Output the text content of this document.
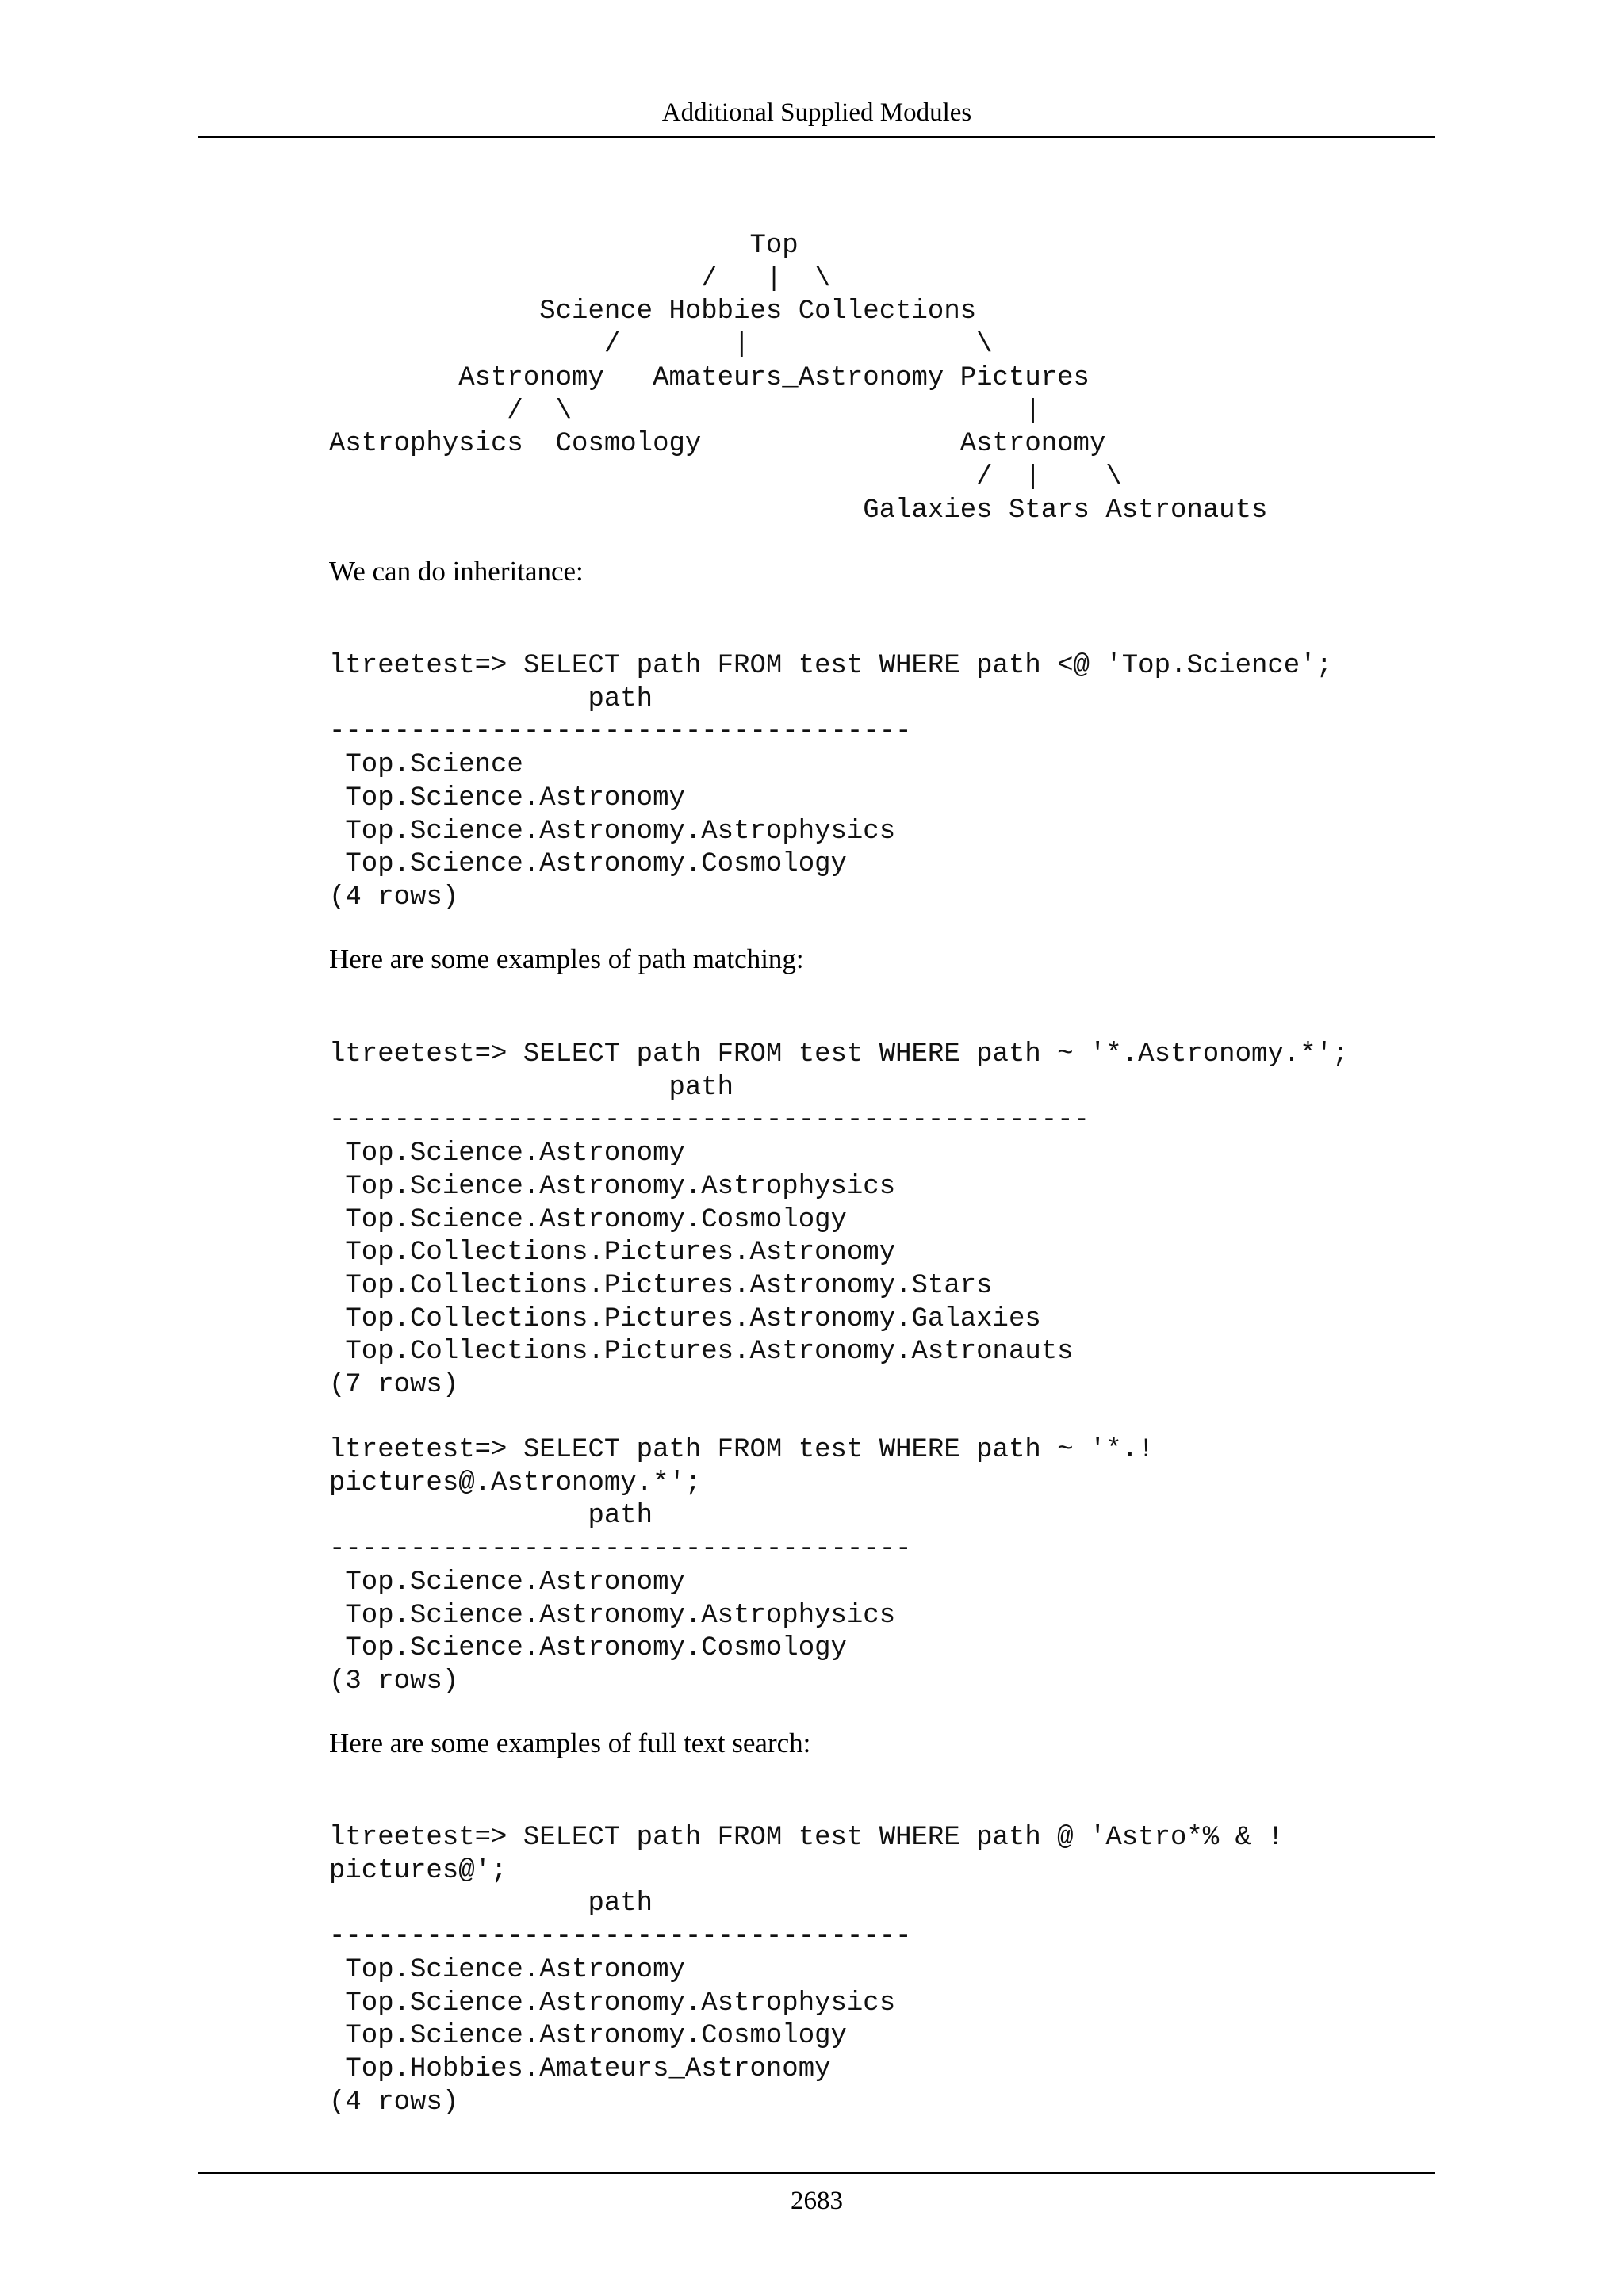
Additional Supplied Modules
Top
/   |  \
Science Hobbies Collections
/       |              \
Astronomy   Amateurs_Astronomy Pictures
/  \                            |
Astrophysics  Cosmology                Astronomy
/  |    \
Galaxies Stars Astronauts

We can do inheritance:

ltreetest=> SELECT path FROM test WHERE path <@ 'Top.Science';
path
------------------------------------
Top.Science
Top.Science.Astronomy
Top.Science.Astronomy.Astrophysics
Top.Science.Astronomy.Cosmology
(4 rows)

Here are some examples of path matching:

ltreetest=> SELECT path FROM test WHERE path ~ '*.Astronomy.*';
path
-----------------------------------------------
Top.Science.Astronomy
Top.Science.Astronomy.Astrophysics
Top.Science.Astronomy.Cosmology
Top.Collections.Pictures.Astronomy
Top.Collections.Pictures.Astronomy.Stars
Top.Collections.Pictures.Astronomy.Galaxies
Top.Collections.Pictures.Astronomy.Astronauts
(7 rows)
ltreetest=> SELECT path FROM test WHERE path ~ '*.!
pictures@.Astronomy.*';
path
------------------------------------
Top.Science.Astronomy
Top.Science.Astronomy.Astrophysics
Top.Science.Astronomy.Cosmology
(3 rows)

Here are some examples of full text search:

ltreetest=> SELECT path FROM test WHERE path @ 'Astro*% & !
pictures@';
path
------------------------------------
Top.Science.Astronomy
Top.Science.Astronomy.Astrophysics
Top.Science.Astronomy.Cosmology
Top.Hobbies.Amateurs_Astronomy
(4 rows)
2683
